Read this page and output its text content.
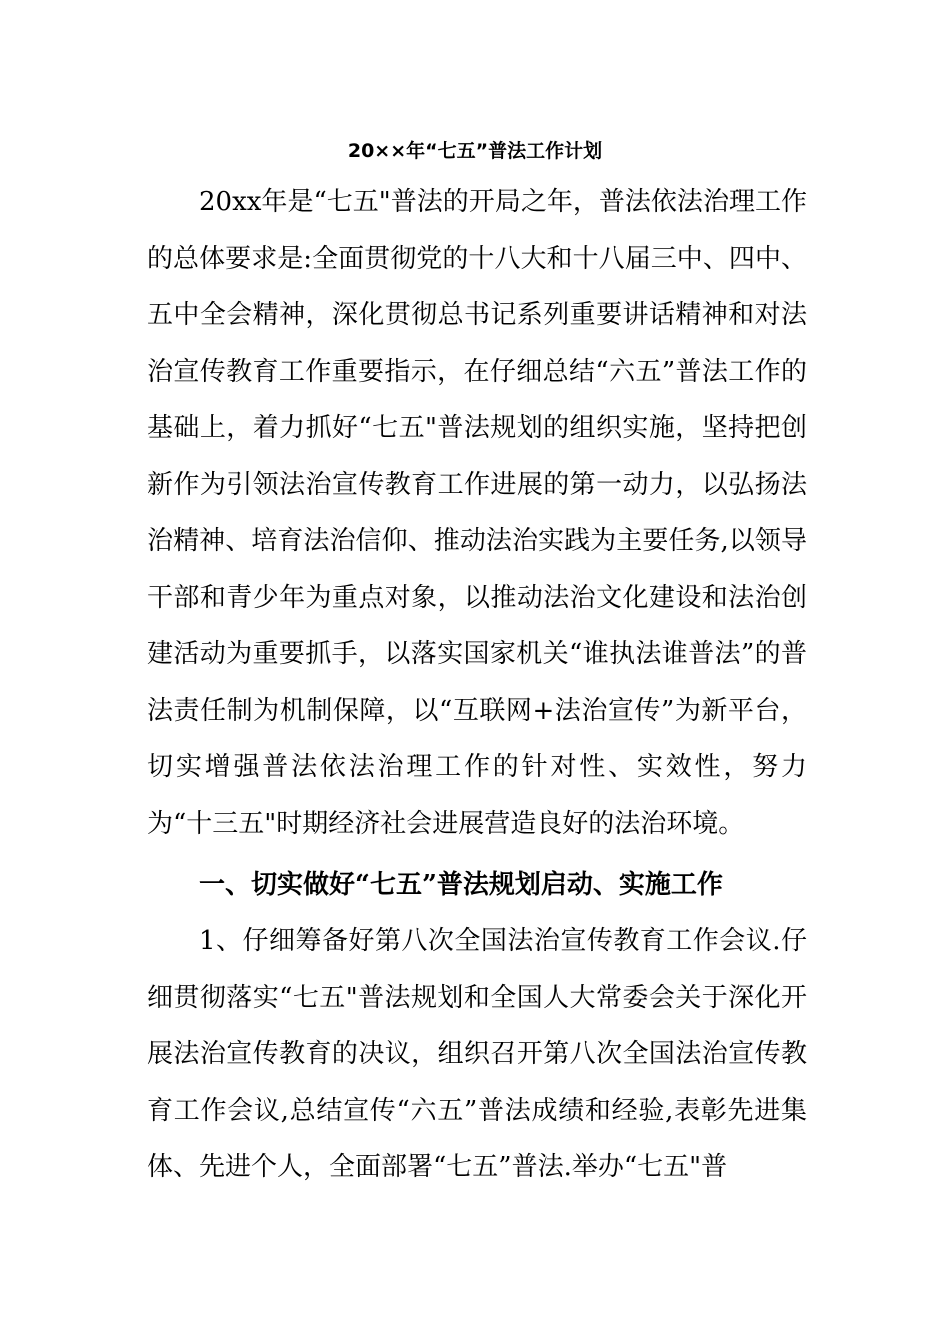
20××年“七五”普法工作计划
20xx年是“七五"普法的开局之年，普法依法治理工作的总体要求是:全面贯彻党的十八大和十八届三中、四中、五中全会精神，深化贯彻总书记系列重要讲话精神和对法治宣传教育工作重要指示，在仔细总结“六五”普法工作的基础上，着力抓好“七五"普法规划的组织实施，坚持把创新作为引领法治宣传教育工作进展的第一动力，以弘扬法治精神、培育法治信仰、推动法治实践为主要任务,以领导干部和青少年为重点对象，以推动法治文化建设和法治创建活动为重要抓手，以落实国家机关“谁执法谁普法”的普法责任制为机制保障，以“互联网+法治宣传”为新平台，切实增强普法依法治理工作的针对性、实效性，努力为“十三五"时期经济社会进展营造良好的法治环境。
一、切实做好“七五”普法规划启动、实施工作
1、仔细筹备好第八次全国法治宣传教育工作会议.仔细贯彻落实“七五"普法规划和全国人大常委会关于深化开展法治宣传教育的决议，组织召开第八次全国法治宣传教育工作会议,总结宣传“六五”普法成绩和经验,表彰先进集体、先进个人，全面部署“七五”普法.举办“七五"普
